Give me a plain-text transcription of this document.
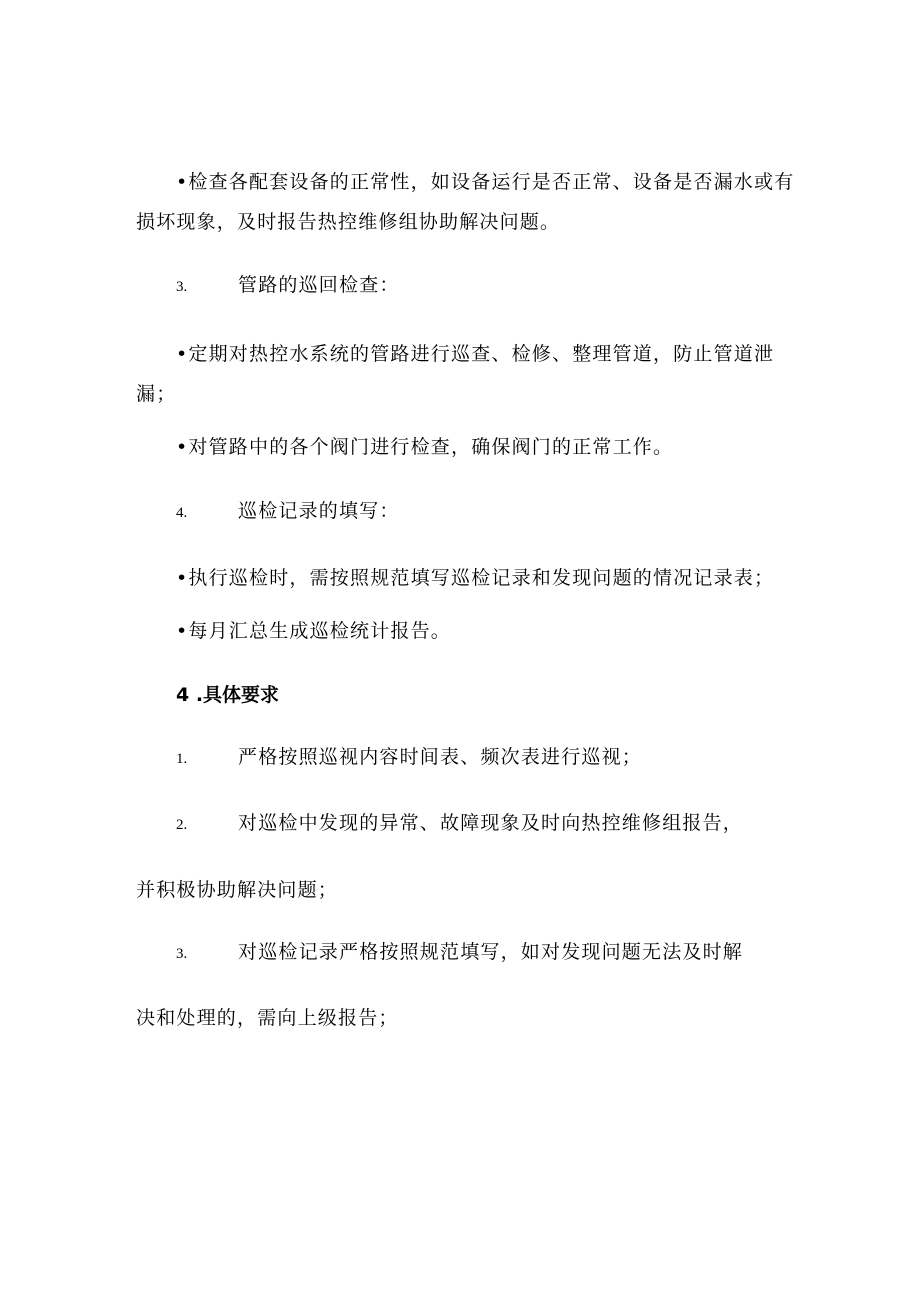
•检查各配套设备的正常性，如设备运行是否正常、设备是否漏水或有
损坏现象，及时报告热控维修组协助解决问题。
3.	管路的巡回检查：
•定期对热控水系统的管路进行巡查、检修、整理管道，防止管道泄
漏；
•对管路中的各个阀门进行检查，确保阀门的正常工作。
4.	巡检记录的填写：
•执行巡检时，需按照规范填写巡检记录和发现问题的情况记录表；
•每月汇总生成巡检统计报告。
4 .具体要求
1.	严格按照巡视内容时间表、频次表进行巡视；
2.	对巡检中发现的异常、故障现象及时向热控维修组报告，
并积极协助解决问题；
3.	对巡检记录严格按照规范填写，如对发现问题无法及时解
决和处理的，需向上级报告；
